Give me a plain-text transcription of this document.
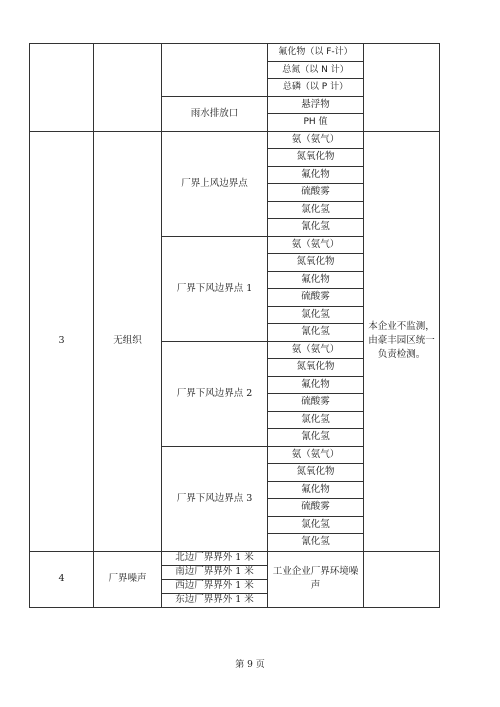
			氟化物（以 F-计）	
			总氮（以 N 计）	
			总磷（以 P 计）	
		雨水排放口	悬浮物	
			PH 值	
3	无组织	厂界上风边界点	氨（氨气）	本企业不监测，由豪丰园区统一负责检测。
			氮氧化物	
			氟化物	
			硫酸雾	
			氯化氢	
			氰化氢	
		厂界下风边界点 1	氨（氨气）	
			氮氧化物	
			氟化物	
			硫酸雾	
			氯化氢	
			氰化氢	
		厂界下风边界点 2	氨（氨气）	
			氮氧化物	
			氟化物	
			硫酸雾	
			氯化氢	
			氰化氢	
		厂界下风边界点 3	氨（氨气）	
			氮氧化物	
			氟化物	
			硫酸雾	
			氯化氢	
			氰化氢	
4	厂界噪声	北边厂界界外 1 米	工业企业厂界环境噪声	
		南边厂界界外 1 米		
		西边厂界界外 1 米		
		东边厂界界外 1 米		
第 9 页
